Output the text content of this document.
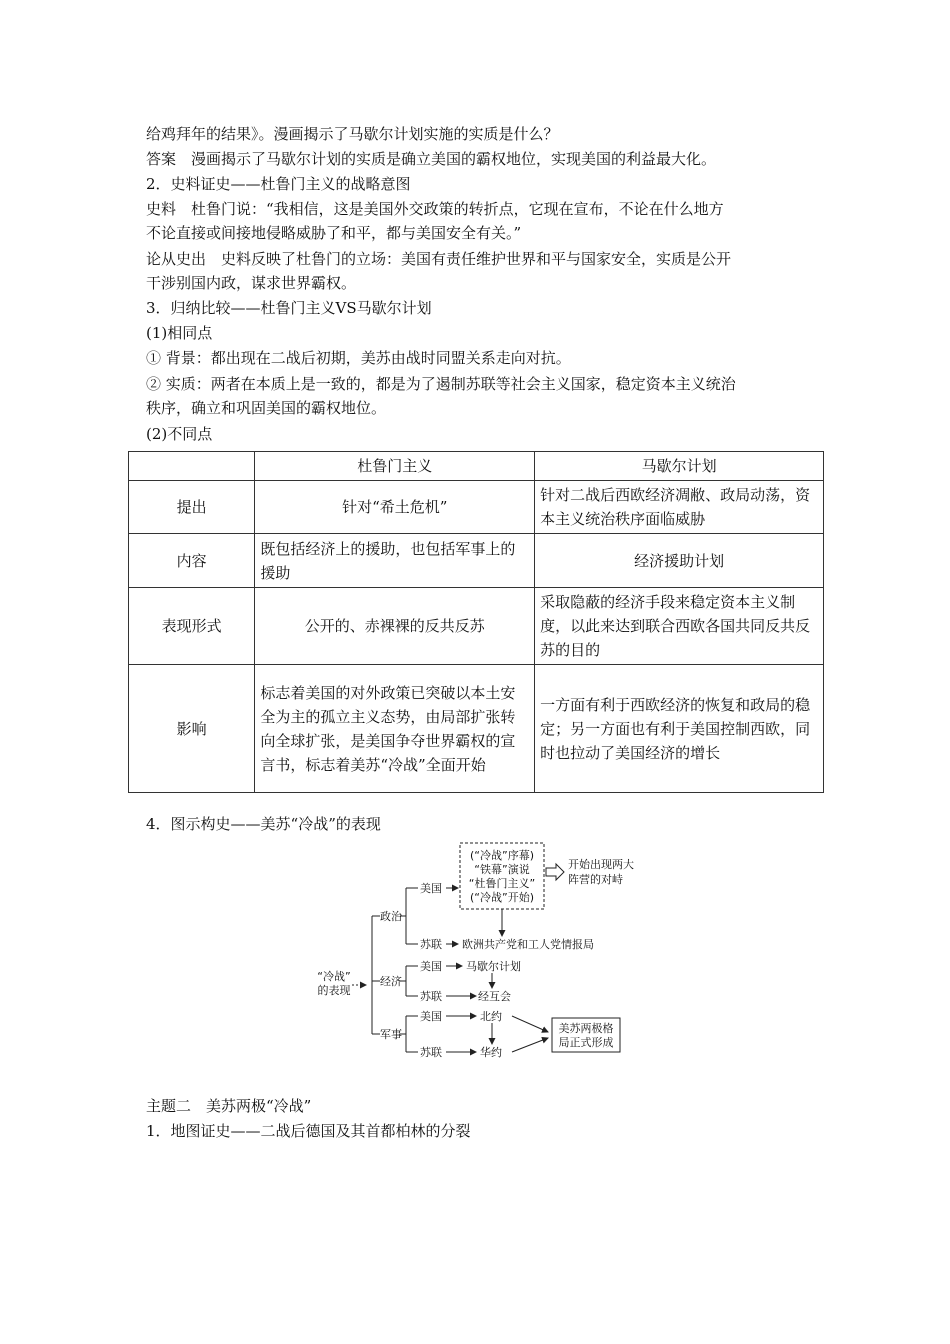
给鸡拜年的结果》。漫画揭示了马歇尔计划实施的实质是什么？
答案　漫画揭示了马歇尔计划的实质是确立美国的霸权地位，实现美国的利益最大化。
2．史料证史——杜鲁门主义的战略意图
史料　杜鲁门说：“我相信，这是美国外交政策的转折点，它现在宣布，不论在什么地方
不论直接或间接地侵略威胁了和平，都与美国安全有关。”
论从史出　史料反映了杜鲁门的立场：美国有责任维护世界和平与国家安全，实质是公开
干涉别国内政，谋求世界霸权。
3．归纳比较——杜鲁门主义VS马歇尔计划
(1)相同点
① 背景：都出现在二战后初期，美苏由战时同盟关系走向对抗。
② 实质：两者在本质上是一致的，都是为了遏制苏联等社会主义国家，稳定资本主义统治
秩序，确立和巩固美国的霸权地位。
(2)不同点
	杜鲁门主义	马歇尔计划
提出	针对“希土危机”	针对二战后西欧经济凋敝、政局动荡，资本主义统治秩序面临威胁
内容	既包括经济上的援助，也包括军事上的援助	经济援助计划
表现形式	公开的、赤裸裸的反共反苏	采取隐蔽的经济手段来稳定资本主义制度，以此来达到联合西欧各国共同反共反苏的目的
影响	标志着美国的对外政策已突破以本土安全为主的孤立主义态势，由局部扩张转向全球扩张，是美国争夺世界霸权的宣言书，标志着美苏“冷战”全面开始	一方面有利于西欧经济的恢复和政局的稳定；另一方面也有利于美国控制西欧，同时也拉动了美国经济的增长
4．图示构史——美苏“冷战”的表现
“冷战”
的表现
政治
经济
军事
美国
苏联
美国
苏联
美国
苏联
(“冷战”序幕)
“铁幕”演说
“杜鲁门主义”
(“冷战”开始)
开始出现两大
阵营的对峙
欧洲共产党和工人党情报局
马歇尔计划
经互会
北约
华约
美苏两极格
局正式形成
主题二　美苏两极“冷战”
1．地图证史——二战后德国及其首都柏林的分裂
